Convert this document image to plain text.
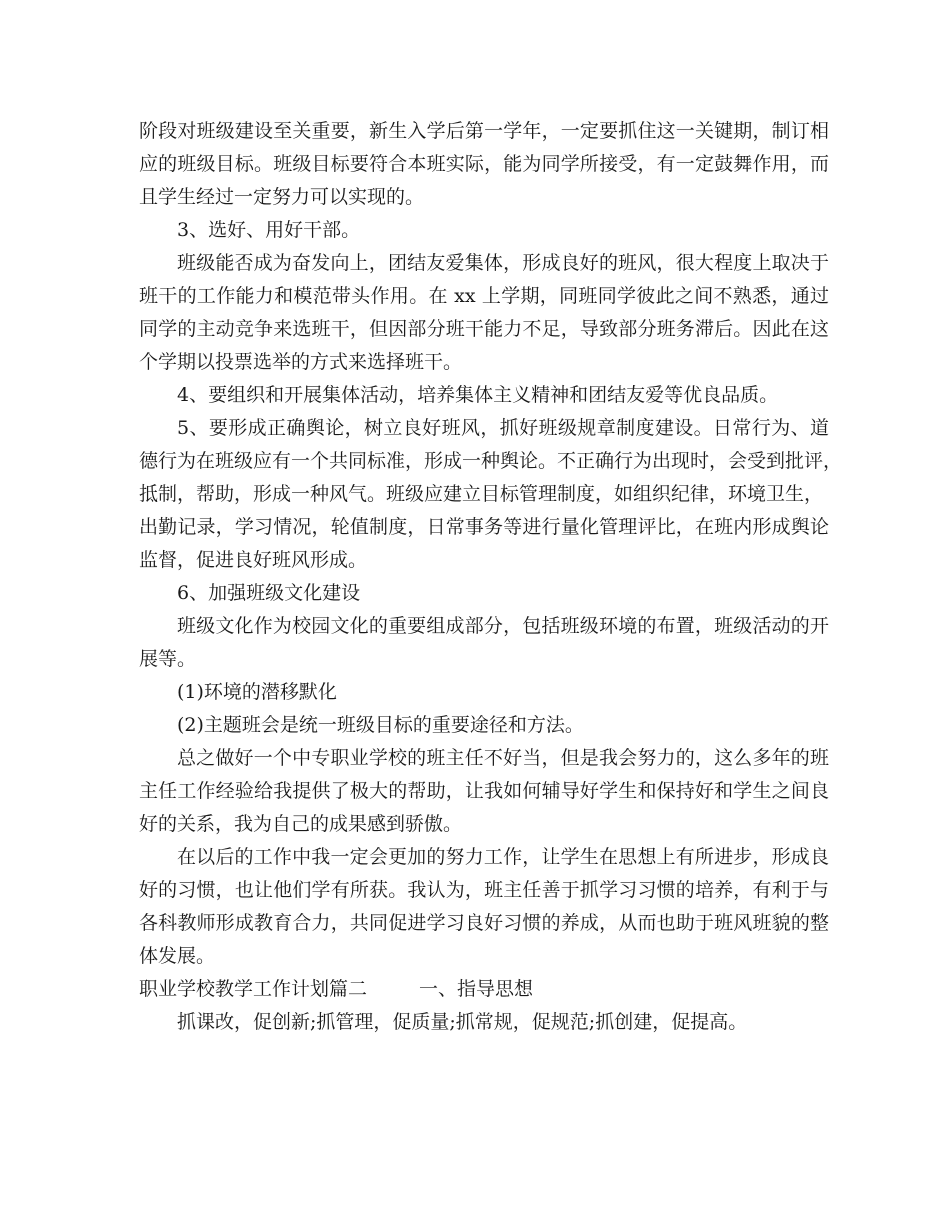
阶段对班级建设至关重要，新生入学后第一学年，一定要抓住这一关键期，制订相
应的班级目标。班级目标要符合本班实际，能为同学所接受，有一定鼓舞作用，而
且学生经过一定努力可以实现的。
3、选好、用好干部。
班级能否成为奋发向上，团结友爱集体，形成良好的班风，很大程度上取决于
班干的工作能力和模范带头作用。在 xx 上学期，同班同学彼此之间不熟悉，通过
同学的主动竞争来选班干，但因部分班干能力不足，导致部分班务滞后。因此在这
个学期以投票选举的方式来选择班干。
4、要组织和开展集体活动，培养集体主义精神和团结友爱等优良品质。
5、要形成正确舆论，树立良好班风，抓好班级规章制度建设。日常行为、道
德行为在班级应有一个共同标准，形成一种舆论。不正确行为出现时，会受到批评，
抵制，帮助，形成一种风气。班级应建立目标管理制度，如组织纪律，环境卫生，
出勤记录，学习情况，轮值制度，日常事务等进行量化管理评比，在班内形成舆论
监督，促进良好班风形成。
6、加强班级文化建设
班级文化作为校园文化的重要组成部分，包括班级环境的布置，班级活动的开
展等。
(1)环境的潜移默化
(2)主题班会是统一班级目标的重要途径和方法。
总之做好一个中专职业学校的班主任不好当，但是我会努力的，这么多年的班
主任工作经验给我提供了极大的帮助，让我如何辅导好学生和保持好和学生之间良
好的关系，我为自己的成果感到骄傲。
在以后的工作中我一定会更加的努力工作，让学生在思想上有所进步，形成良
好的习惯，也让他们学有所获。我认为，班主任善于抓学习习惯的培养，有利于与
各科教师形成教育合力，共同促进学习良好习惯的养成，从而也助于班风班貌的整
体发展。
职业学校教学工作计划篇二	一、指导思想
抓课改，促创新;抓管理，促质量;抓常规，促规范;抓创建，促提高。
